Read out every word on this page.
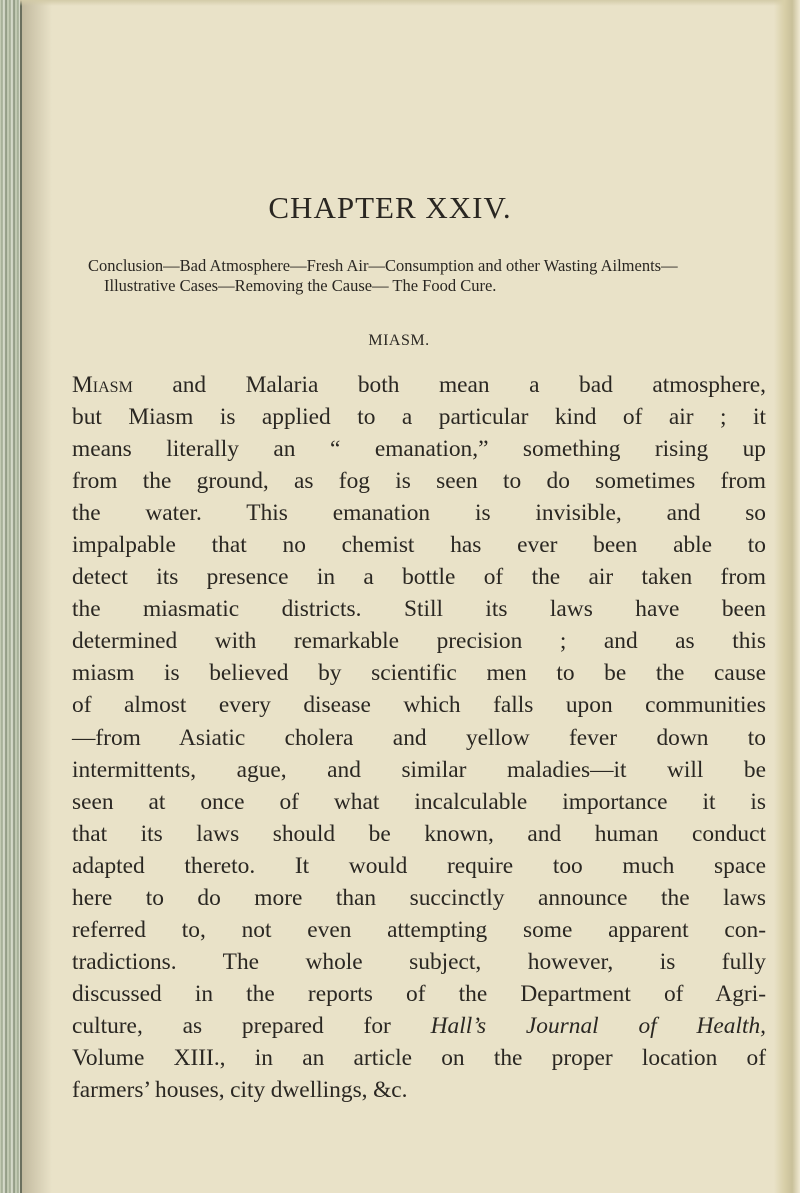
CHAPTER XXIV.

Conclusion—Bad Atmosphere—Fresh Air—Consumption and other Wasting Ailments—Illustrative Cases—Removing the Cause— The Food Cure.

MIASM.
Miasm and Malaria both mean a bad atmosphere,
but Miasm is applied to a particular kind of air ; it
means literally an “ emanation,” something rising up
from the ground, as fog is seen to do sometimes from
the water. This emanation is invisible, and so
impalpable that no chemist has ever been able to
detect its presence in a bottle of the air taken from
the miasmatic districts. Still its laws have been
determined with remarkable precision ; and as this
miasm is believed by scientific men to be the cause
of almost every disease which falls upon communities
—from Asiatic cholera and yellow fever down to
intermittents, ague, and similar maladies—it will be
seen at once of what incalculable importance it is
that its laws should be known, and human conduct
adapted thereto. It would require too much space
here to do more than succinctly announce the laws
referred to, not even attempting some apparent con-
tradictions. The whole subject, however, is fully
discussed in the reports of the Department of Agri-
culture, as prepared for Hall’s Journal of Health,
Volume XIII., in an article on the proper location of
farmers’ houses, city dwellings, &c.
